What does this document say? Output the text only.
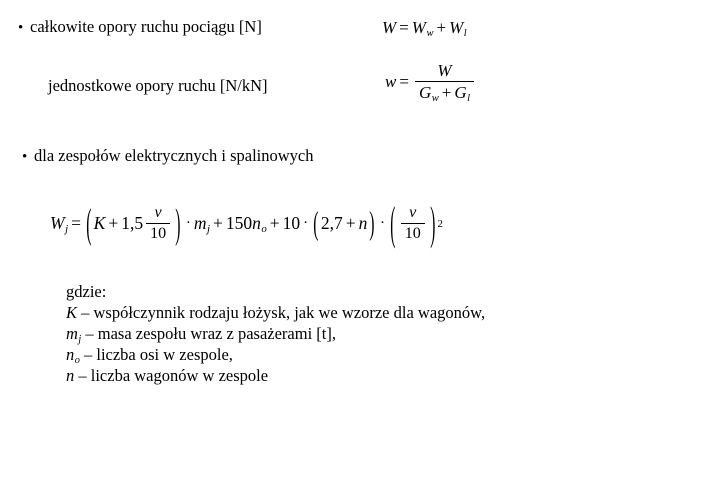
• całkowite opory ruchu pociągu [N]	$W = W_w + W_l$
jednostkowe opory ruchu [N/kN]	$w = \frac{W}{G_w + G_l}$
• dla zespołów elektrycznych i spalinowych
$W_j$ = ( $K + 1,5 \frac{v}{10}$ ) · $m_j + 150$ $n_o + 10$ · ( 2,7 + n ) · ( $\frac{v}{10}$ ) 2
gdzie:
K – współczynnik rodzaju łożysk, jak we wzorze dla wagonów,
$m_j$ – masa zespołu wraz z pasażerami [t],
$n_o$ – liczba osi w zespole,
n – liczba wagonów w zespole
